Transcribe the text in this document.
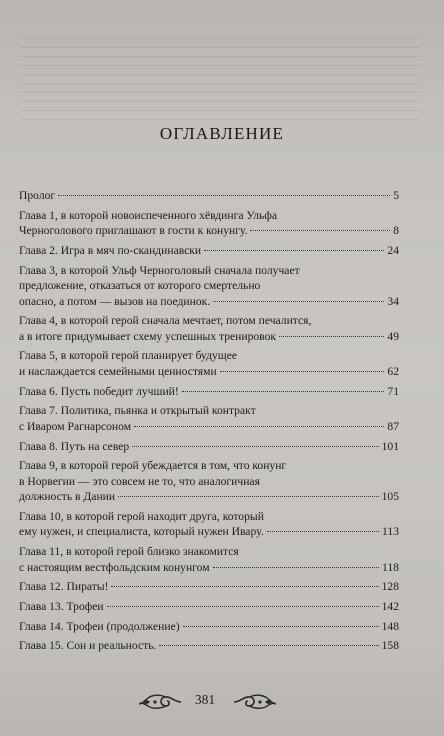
ОГЛАВЛЕНИЕ
Пролог	5
Глава 1, в которой новоиспеченного хёвдинга Ульфа
Черноголового приглашают в гости к конунгу.	8
Глава 2. Игра в мяч по-скандинавски	24
Глава 3, в которой Ульф Черноголовый сначала получает
предложение, отказаться от которого смертельно
опасно, а потом — вызов на поединок.	34
Глава 4, в которой герой сначала мечтает, потом печалится,
а в итоге придумывает схему успешных тренировок	49
Глава 5, в которой герой планирует будущее
и наслаждается семейными ценностями	62
Глава 6. Пусть победит лучший!	71
Глава 7. Политика, пьянка и открытый контракт
с Иваром Рагнарсоном	87
Глава 8. Путь на север	101
Глава 9, в которой герой убеждается в том, что конунг
в Норвегии — это совсем не то, что аналогичная
должность в Дании	105
Глава 10, в которой герой находит друга, который
ему нужен, и специалиста, который нужен Ивару.	113
Глава 11, в которой герой близко знакомится
с настоящим вестфольдским конунгом	118
Глава 12. Пираты!	128
Глава 13. Трофеи	142
Глава 14. Трофеи (продолжение)	148
Глава 15. Сон и реальность.	158
381
